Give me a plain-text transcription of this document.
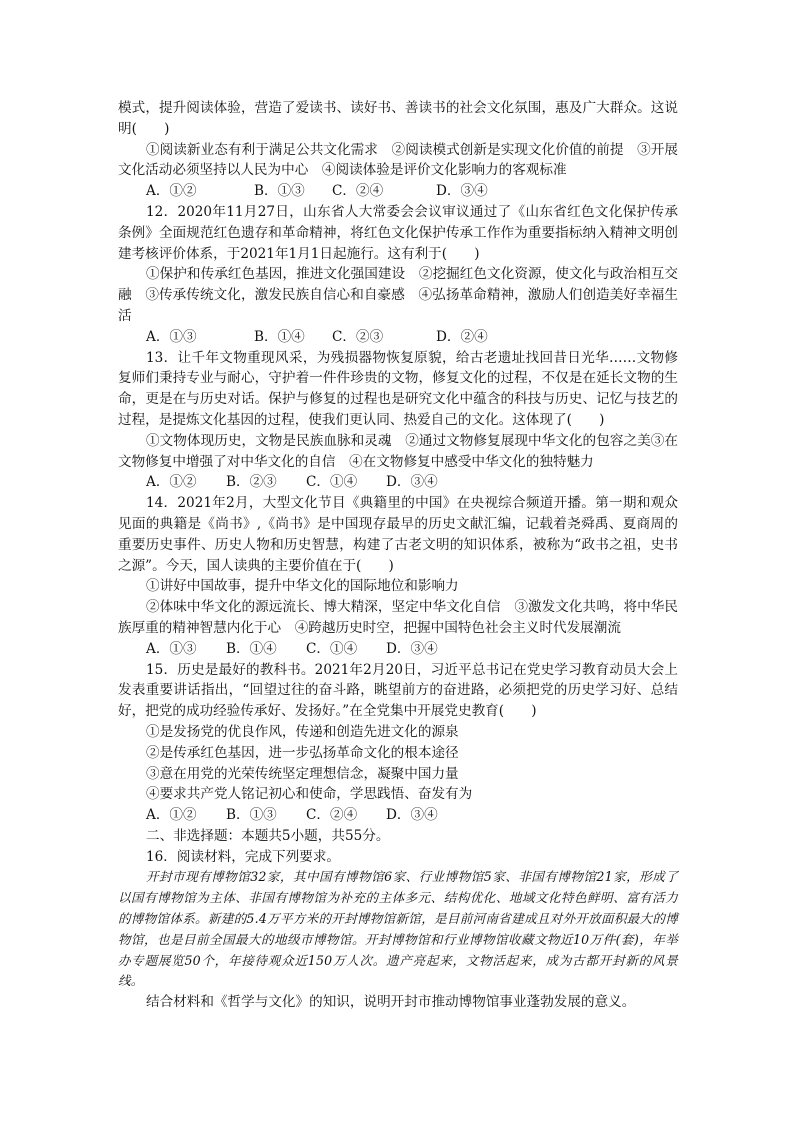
模式，提升阅读体验，营造了爱读书、读好书、善读书的社会文化氛围，惠及广大群众。这说明(　　)

①阅读新业态有利于满足公共文化需求　②阅读模式创新是实现文化价值的前提　③开展文化活动必须坚持以人民为中心　④阅读体验是评价文化影响力的客观标准

A．①②	B．①③ C．②④	D．③④

12．2020年11月27日，山东省人大常委会会议审议通过了《山东省红色文化保护传承条例》全面规范红色遗存和革命精神，将红色文化保护传承工作作为重要指标纳入精神文明创建考核评价体系，于2021年1月1日起施行。这有利于(　　)

①保护和传承红色基因，推进文化强国建设　②挖掘红色文化资源，使文化与政治相互交融　③传承传统文化，激发民族自信心和自豪感　④弘扬革命精神，激励人们创造美好幸福生活

A．①③	B．①④ C．②③	D．②④

13．让千年文物重现风采，为残损器物恢复原貌，给古老遗址找回昔日光华……文物修复师们秉持专业与耐心，守护着一件件珍贵的文物，修复文化的过程，不仅是在延长文物的生命，更是在与历史对话。保护与修复的过程也是研究文化中蕴含的科技与历史、记忆与技艺的过程，是提炼文化基因的过程，使我们更认同、热爱自己的文化。这体现了(　　)

①文物体现历史，文物是民族血脉和灵魂　②通过文物修复展现中华文化的包容之美③在文物修复中增强了对中华文化的自信　④在文物修复中感受中华文化的独特魅力

A．①② B．②③ C．①④ D．③④

14．2021年2月，大型文化节目《典籍里的中国》在央视综合频道开播。第一期和观众见面的典籍是《尚书》,《尚书》是中国现存最早的历史文献汇编，记载着尧舜禹、夏商周的重要历史事件、历史人物和历史智慧，构建了古老文明的知识体系，被称为“政书之祖，史书之源”。今天，国人读典的主要价值在于(　　)

①讲好中国故事，提升中华文化的国际地位和影响力

②体味中华文化的源远流长、博大精深，坚定中华文化自信　③激发文化共鸣，将中华民族厚重的精神智慧内化于心　④跨越历史时空，把握中国特色社会主义时代发展潮流

A．①③ B．①④ C．①④ D．③④

15．历史是最好的教科书。2021年2月20日，习近平总书记在党史学习教育动员大会上发表重要讲话指出，“回望过往的奋斗路，眺望前方的奋进路，必须把党的历史学习好、总结好，把党的成功经验传承好、发扬好。”在全党集中开展党史教育(　　)

①是发扬党的优良作风，传递和创造先进文化的源泉

②是传承红色基因，进一步弘扬革命文化的根本途径

③意在用党的光荣传统坚定理想信念，凝聚中国力量

④要求共产党人铭记初心和使命，学思践悟、奋发有为

A．①② B．①③ C．②④ D．③④

二、非选择题：本题共5小题，共55分。

16．阅读材料，完成下列要求。

开封市现有博物馆32家，其中国有博物馆6家、行业博物馆5家、非国有博物馆21家，形成了以国有博物馆为主体、非国有博物馆为补充的主体多元、结构优化、地域文化特色鲜明、富有活力的博物馆体系。新建的5.4万平方米的开封博物馆新馆，是目前河南省建成且对外开放面积最大的博物馆，也是目前全国最大的地级市博物馆。开封博物馆和行业博物馆收藏文物近10万件(套)，年举办专题展览50个，年接待观众近150万人次。遗产亮起来，文物活起来，成为古都开封新的风景线。

结合材料和《哲学与文化》的知识，说明开封市推动博物馆事业蓬勃发展的意义。
